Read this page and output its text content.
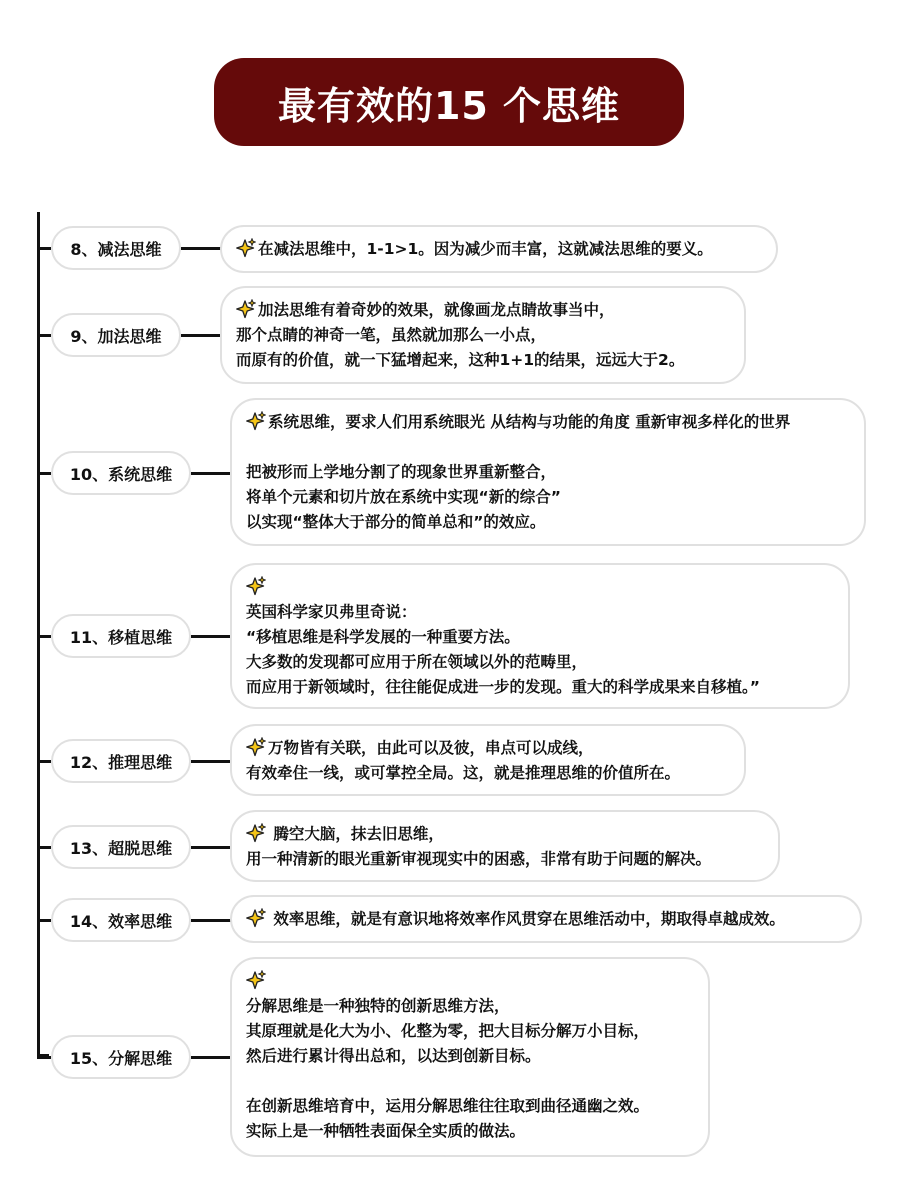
最有效的15 个思维
8、减法思维	在减法思维中，1-1>1。因为减少而丰富，这就减法思维的要义。
9、加法思维
加法思维有着奇妙的效果，就像画龙点睛故事当中，
那个点睛的神奇一笔，虽然就加那么一小点，
而原有的价值，就一下猛增起来，这种1+1的结果，远远大于2。
10、系统思维
系统思维，要求人们用系统眼光 从结构与功能的角度 重新审视多样化的世界
把被形而上学地分割了的现象世界重新整合，
将单个元素和切片放在系统中实现“新的综合”
以实现“整体大于部分的简单总和”的效应。
11、移植思维
英国科学家贝弗里奇说：
“移植思维是科学发展的一种重要方法。
大多数的发现都可应用于所在领域以外的范畴里，
而应用于新领域时，往往能促成进一步的发现。重大的科学成果来自移植。”
12、推理思维
万物皆有关联，由此可以及彼，串点可以成线，
有效牵住一线，或可掌控全局。这，就是推理思维的价值所在。
13、超脱思维
腾空大脑，抹去旧思维，
用一种清新的眼光重新审视现实中的困惑，非常有助于问题的解决。
14、效率思维	效率思维，就是有意识地将效率作风贯穿在思维活动中，期取得卓越成效。
15、分解思维
分解思维是一种独特的创新思维方法，
其原理就是化大为小、化整为零，把大目标分解万小目标，
然后进行累计得出总和，以达到创新目标。
在创新思维培育中，运用分解思维往往取到曲径通幽之效。
实际上是一种牺牲表面保全实质的做法。
